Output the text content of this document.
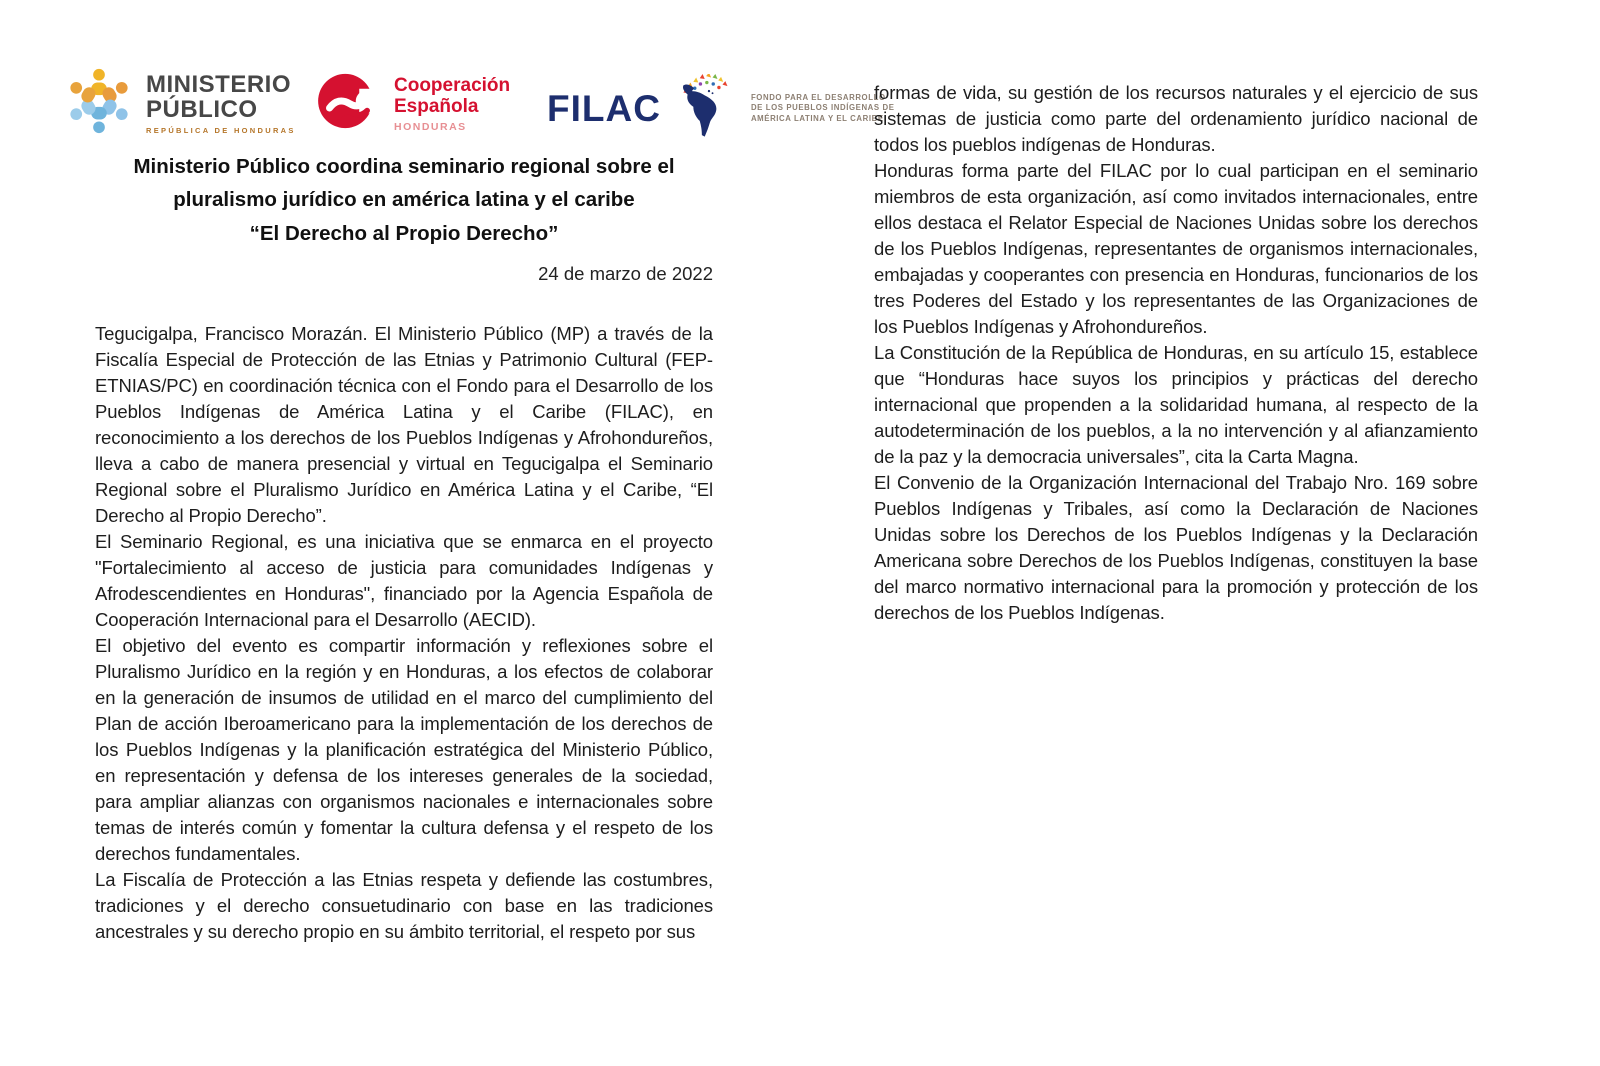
MINISTERIO
PÚBLICO
REPÚBLICA DE HONDURAS
Cooperación
Española
HONDURAS	FILAC	FONDO PARA EL DESARROLLO
DE LOS PUEBLOS INDÍGENAS DE
AMÉRICA LATINA Y EL CARIBE
Ministerio Público coordina seminario regional sobre el pluralismo jurídico en américa latina y el caribe
“El Derecho al Propio Derecho”
24 de marzo de 2022

Tegucigalpa, Francisco Morazán. El Ministerio Público (MP) a través de la Fiscalía Especial de Protección de las Etnias y Patrimonio Cultural (FEP-ETNIAS/PC) en coordinación técnica con el Fondo para el Desarrollo de los Pueblos Indígenas de América Latina y el Caribe (FILAC), en reconocimiento a los derechos de los Pueblos Indígenas y Afrohondureños, lleva a cabo de manera presencial y virtual en Tegucigalpa el Seminario Regional sobre el Pluralismo Jurídico en América Latina y el Caribe, “El Derecho al Propio Derecho”.

El Seminario Regional, es una iniciativa que se enmarca en el proyecto "Fortalecimiento al acceso de justicia para comunidades Indígenas y Afrodescendientes en Honduras", financiado por la Agencia Española de Cooperación Internacional para el Desarrollo (AECID).

El objetivo del evento es compartir información y reflexiones sobre el Pluralismo Jurídico en la región y en Honduras, a los efectos de colaborar en la generación de insumos de utilidad en el marco del cumplimiento del Plan de acción Iberoamericano para la implementación de los derechos de los Pueblos Indígenas y la planificación estratégica del Ministerio Público, en representación y defensa de los intereses generales de la sociedad, para ampliar alianzas con organismos nacionales e internacionales sobre temas de interés común y fomentar la cultura defensa y el respeto de los derechos fundamentales.

La Fiscalía de Protección a las Etnias respeta y defiende las costumbres, tradiciones y el derecho consuetudinario con base en las tradiciones ancestrales y su derecho propio en su ámbito territorial, el respeto por sus

formas de vida, su gestión de los recursos naturales y el ejercicio de sus sistemas de justicia como parte del ordenamiento jurídico nacional de todos los pueblos indígenas de Honduras.

Honduras forma parte del FILAC por lo cual participan en el seminario miembros de esta organización, así como invitados internacionales, entre ellos destaca el Relator Especial de Naciones Unidas sobre los derechos de los Pueblos Indígenas, representantes de organismos internacionales, embajadas y cooperantes con presencia en Honduras, funcionarios de los tres Poderes del Estado y los representantes de las Organizaciones de los Pueblos Indígenas y Afrohondureños.

La Constitución de la República de Honduras, en su artículo 15, establece que “Honduras hace suyos los principios y prácticas del derecho internacional que propenden a la solidaridad humana, al respecto de la autodeterminación de los pueblos, a la no intervención y al afianzamiento de la paz y la democracia universales”, cita la Carta Magna.

El Convenio de la Organización Internacional del Trabajo Nro. 169 sobre Pueblos Indígenas y Tribales, así como la Declaración de Naciones Unidas sobre los Derechos de los Pueblos Indígenas y la Declaración Americana sobre Derechos de los Pueblos Indígenas, constituyen la base del marco normativo internacional para la promoción y protección de los derechos de los Pueblos Indígenas.
